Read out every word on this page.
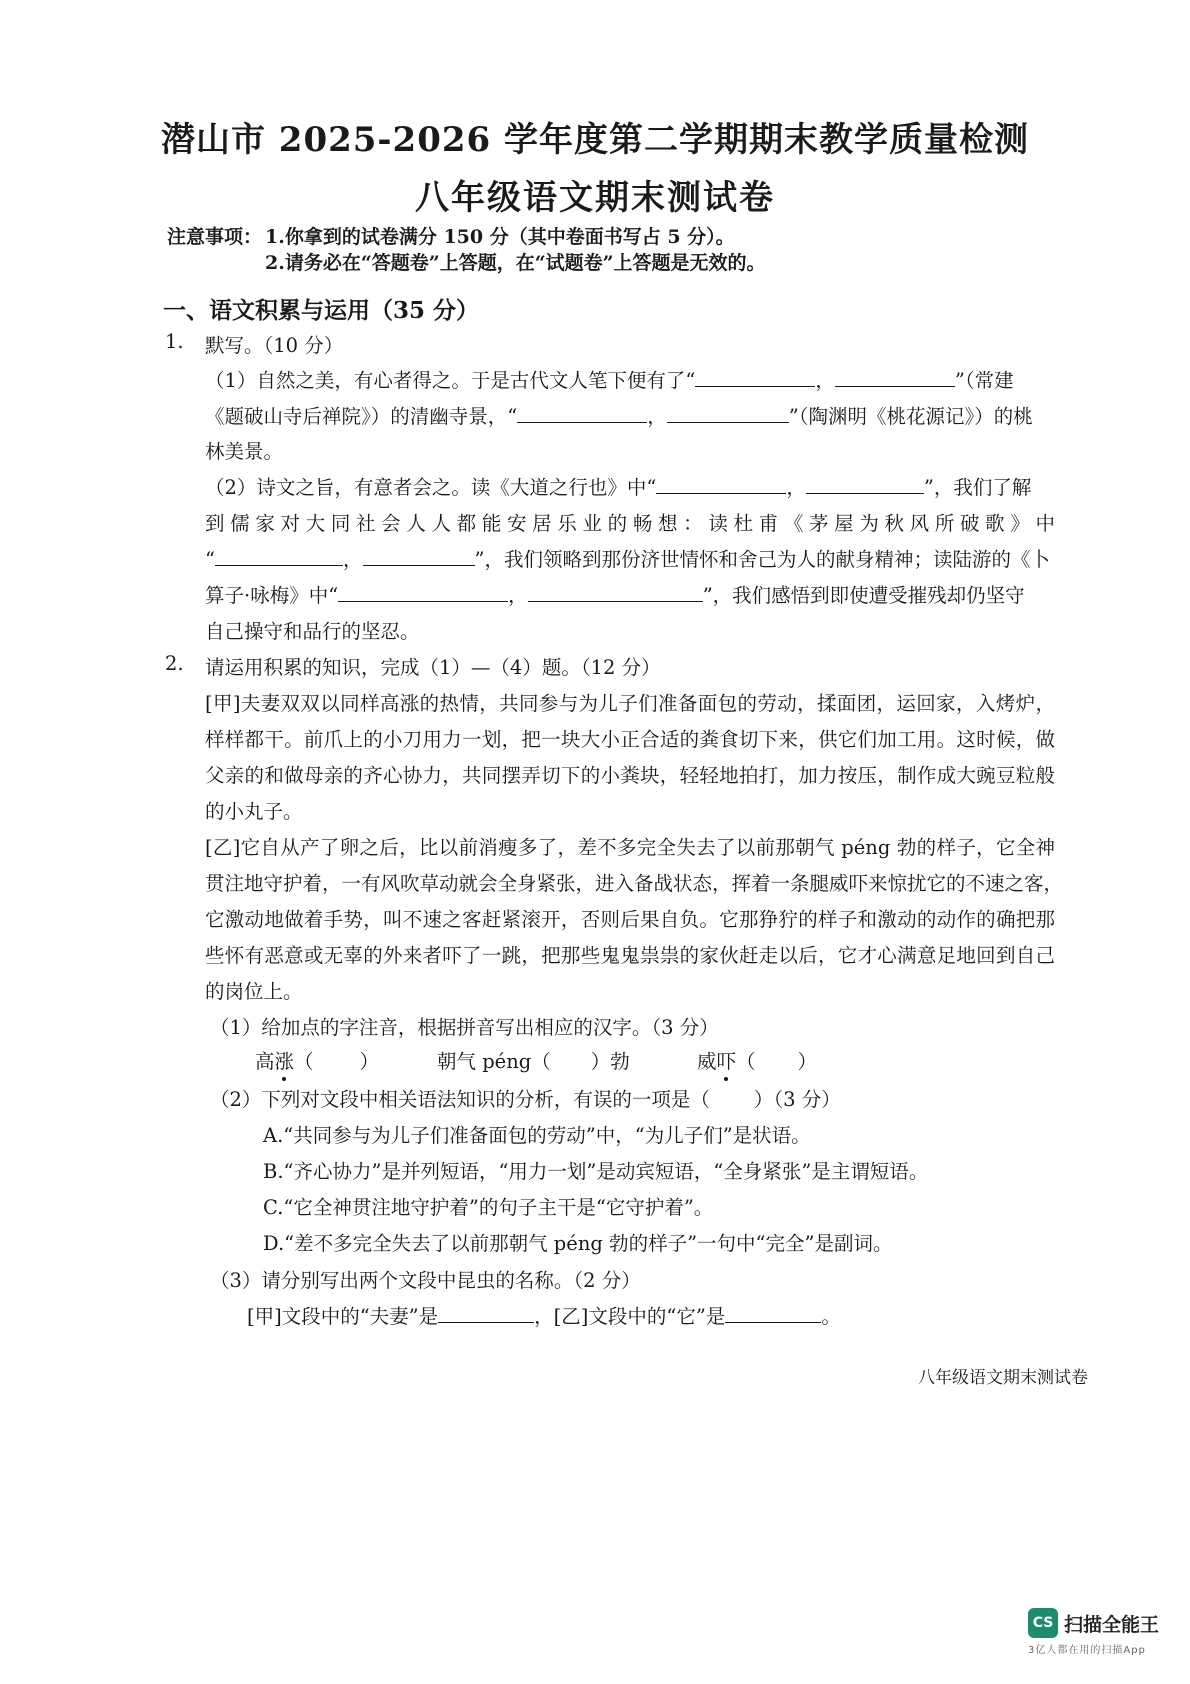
潜山市 2025-2026 学年度第二学期期末教学质量检测
八年级语文期末测试卷
注意事项： 1.你拿到的试卷满分 150 分（其中卷面书写占 5 分）。
2.请务必在“答题卷”上答题，在“试题卷”上答题是无效的。
一、语文积累与运用（35 分）
1. 默写。（10 分）
（1）自然之美，有心者得之。于是古代文人笔下便有了“	，	”（常建
《题破山寺后禅院》）的清幽寺景，“	，	”（陶渊明《桃花源记》）的桃
林美景。
（2）诗文之旨，有意者会之。读《大道之行也》中“	，	”，我们了解
到儒家对大同社会人人都能安居乐业的畅想：读杜甫《茅屋为秋风所破歌》中
“	，	”，我们领略到那份济世情怀和舍己为人的献身精神；读陆游的《卜
算子·咏梅》中“	，	”，我们感悟到即使遭受摧残却仍坚守
自己操守和品行的坚忍。
2. 请运用积累的知识，完成（1）—（4）题。（12 分）
[甲]夫妻双双以同样高涨的热情，共同参与为儿子们准备面包的劳动，揉面团，运回家，入烤炉，
样样都干。前爪上的小刀用力一划，把一块大小正合适的粪食切下来，供它们加工用。这时候，做
父亲的和做母亲的齐心协力，共同摆弄切下的小粪块，轻轻地拍打，加力按压，制作成大豌豆粒般
的小丸子。
[乙]它自从产了卵之后，比以前消瘦多了，差不多完全失去了以前那朝气 péng 勃的样子，它全神
贯注地守护着，一有风吹草动就会全身紧张，进入备战状态，挥着一条腿威吓来惊扰它的不速之客，
它激动地做着手势，叫不速之客赶紧滚开，否则后果自负。它那狰狞的样子和激动的动作的确把那
些怀有恶意或无辜的外来者吓了一跳，把那些鬼鬼祟祟的家伙赶走以后，它才心满意足地回到自己
的岗位上。
（1）给加点的字注音，根据拼音写出相应的汉字。（3 分）
高涨（ ）	朝气 péng（ ）勃	威吓（ ）
（2）下列对文段中相关语法知识的分析，有误的一项是（ ）（3 分）
A.“共同参与为儿子们准备面包的劳动”中，“为儿子们”是状语。
B.“齐心协力”是并列短语，“用力一划”是动宾短语，“全身紧张”是主谓短语。
C.“它全神贯注地守护着”的句子主干是“它守护着”。
D.“差不多完全失去了以前那朝气 péng 勃的样子”一句中“完全”是副词。
（3）请分别写出两个文段中昆虫的名称。（2 分）
[甲]文段中的“夫妻”是	，[乙]文段中的“它”是	。
八年级语文期末测试卷
CS 扫描全能王
3亿人都在用的扫描App
